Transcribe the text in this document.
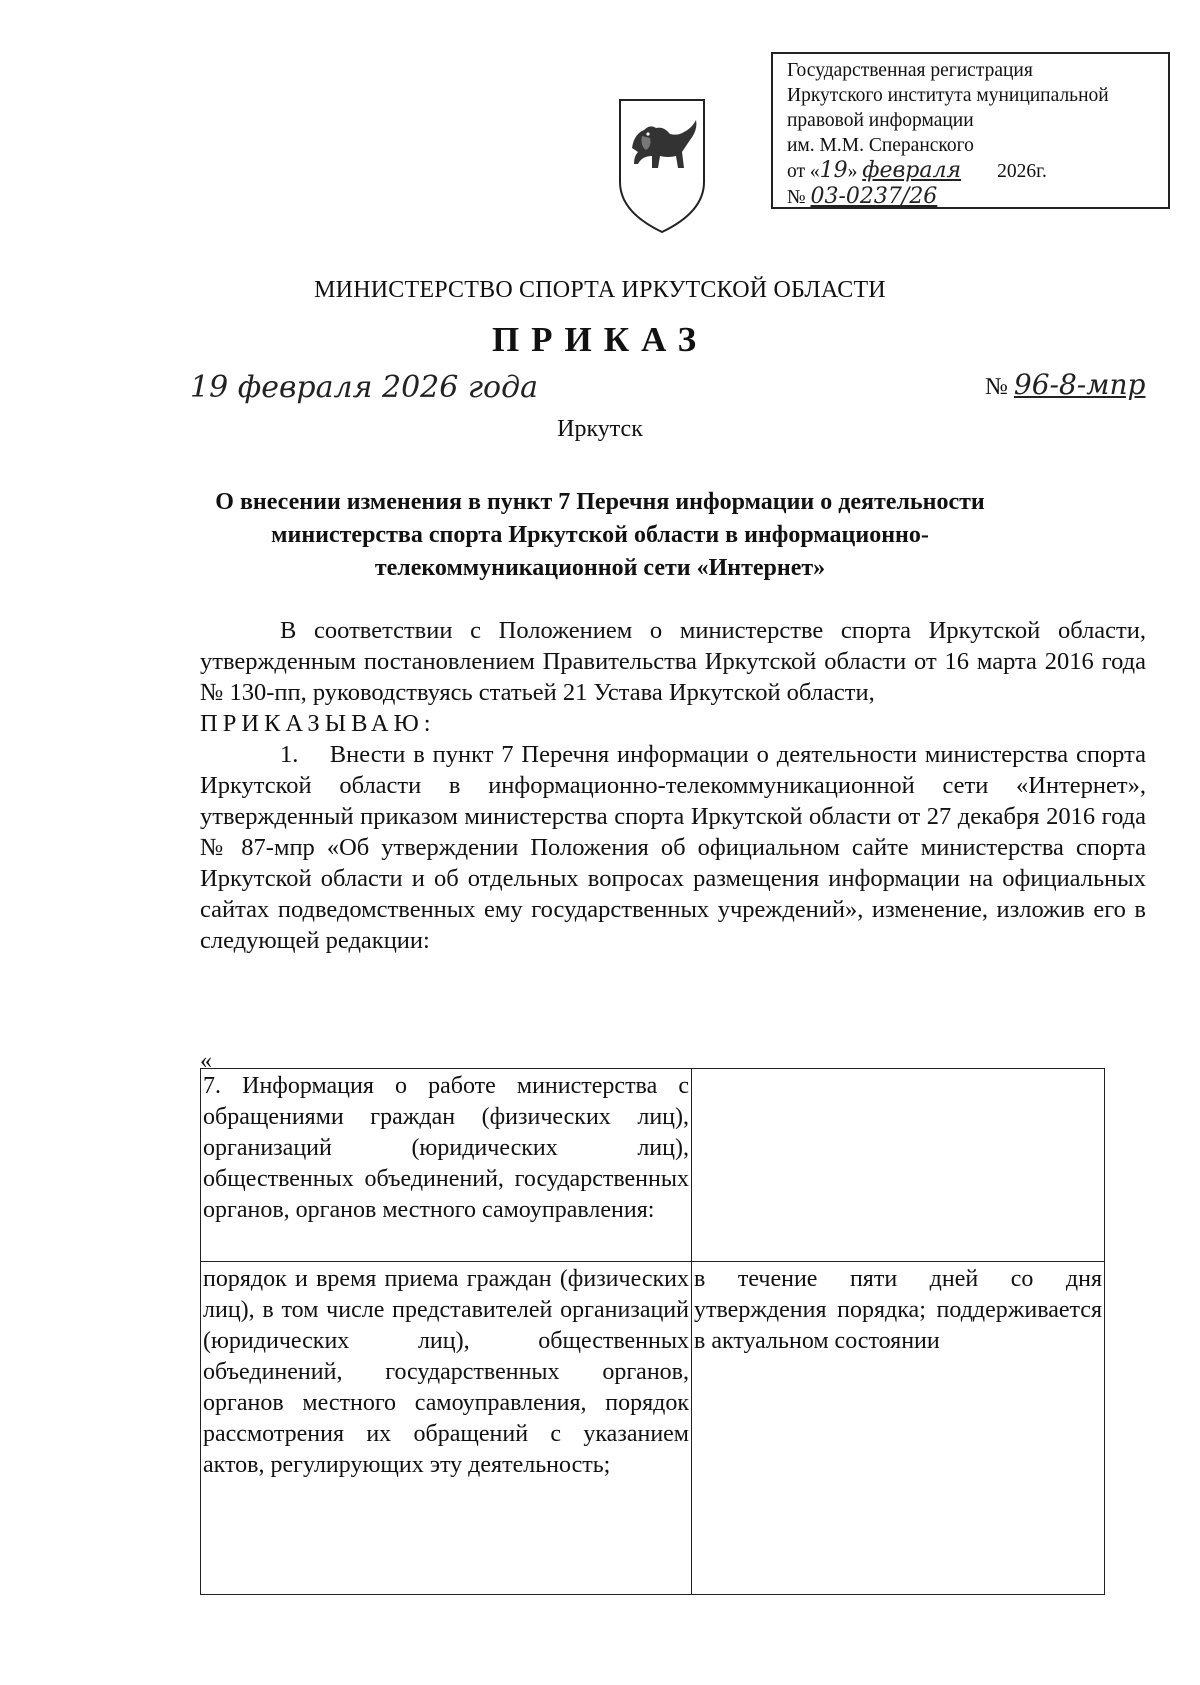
Государственная регистрация
Иркутского института муниципальной
правовой информации
им. М.М. Сперанского
от «19» февраля 2026г.
№ 03-0237/26
МИНИСТЕРСТВО СПОРТА ИРКУТСКОЙ ОБЛАСТИ
ПРИКАЗ
19 февраля 2026 года	№ 96-8-мпр
Иркутск
О внесении изменения в пункт 7 Перечня информации о деятельности министерства спорта Иркутской области в информационно-телекоммуникационной сети «Интернет»

В соответствии с Положением о министерстве спорта Иркутской области, утвержденным постановлением Правительства Иркутской области от 16 марта 2016 года № 130-пп, руководствуясь статьей 21 Устава Иркутской области,

ПРИКАЗЫВАЮ:

1.    Внести в пункт 7 Перечня информации о деятельности министерства спорта Иркутской области в информационно-телекоммуникационной сети «Интернет», утвержденный приказом министерства спорта Иркутской области от 27 декабря 2016 года № 87-мпр «Об утверждении Положения об официальном сайте министерства спорта Иркутской области и об отдельных вопросах размещения информации на официальных сайтах подведомственных ему государственных учреждений», изменение, изложив его в следующей редакции:

«
7. Информация о работе министерства с обращениями граждан (физических лиц), организаций (юридических лиц), общественных объединений, государственных органов, органов местного самоуправления:	
порядок и время приема граждан (физических лиц), в том числе представителей организаций (юридических лиц), общественных объединений, государственных органов, органов местного самоуправления, порядок рассмотрения их обращений с указанием актов, регулирующих эту деятельность;	в течение пяти дней со дня утверждения порядка; поддерживается в актуальном состоянии
